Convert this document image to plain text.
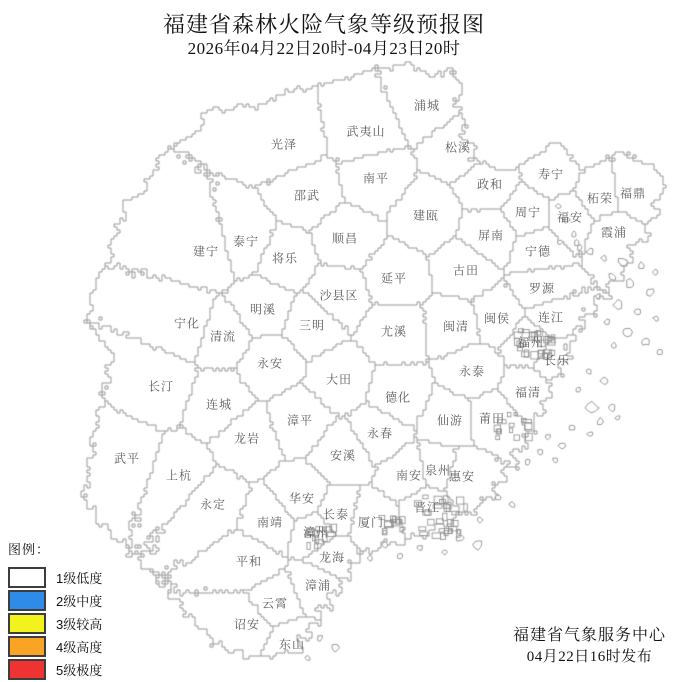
浦城
武夷山
光泽	松溪
寿宁
南平	政和
福鼎
邵武	柘荣
周宁
建瓯	福安
霞浦
屏南
顺昌
泰宁
建宁	宁德
将乐
古田
延平
罗源
沙县区
明溪
连江
闽侯
宁化	三明	闽清
尤溪
清流	福州
长乐
永安
永泰
大田
长汀	福清
德化
连城
仙游
漳平	莆田
永春
龙岩
安溪
武平
泉州
上杭	南安 惠安
华安
永定	晋江
长泰
厦门
南靖
漳州
龙海
平和
漳浦
云霄
诏安
东山
图例：
1级低度
2级中度
3级较高
4级高度
5级极度
福建省气象服务中心
04月22日16时发布
